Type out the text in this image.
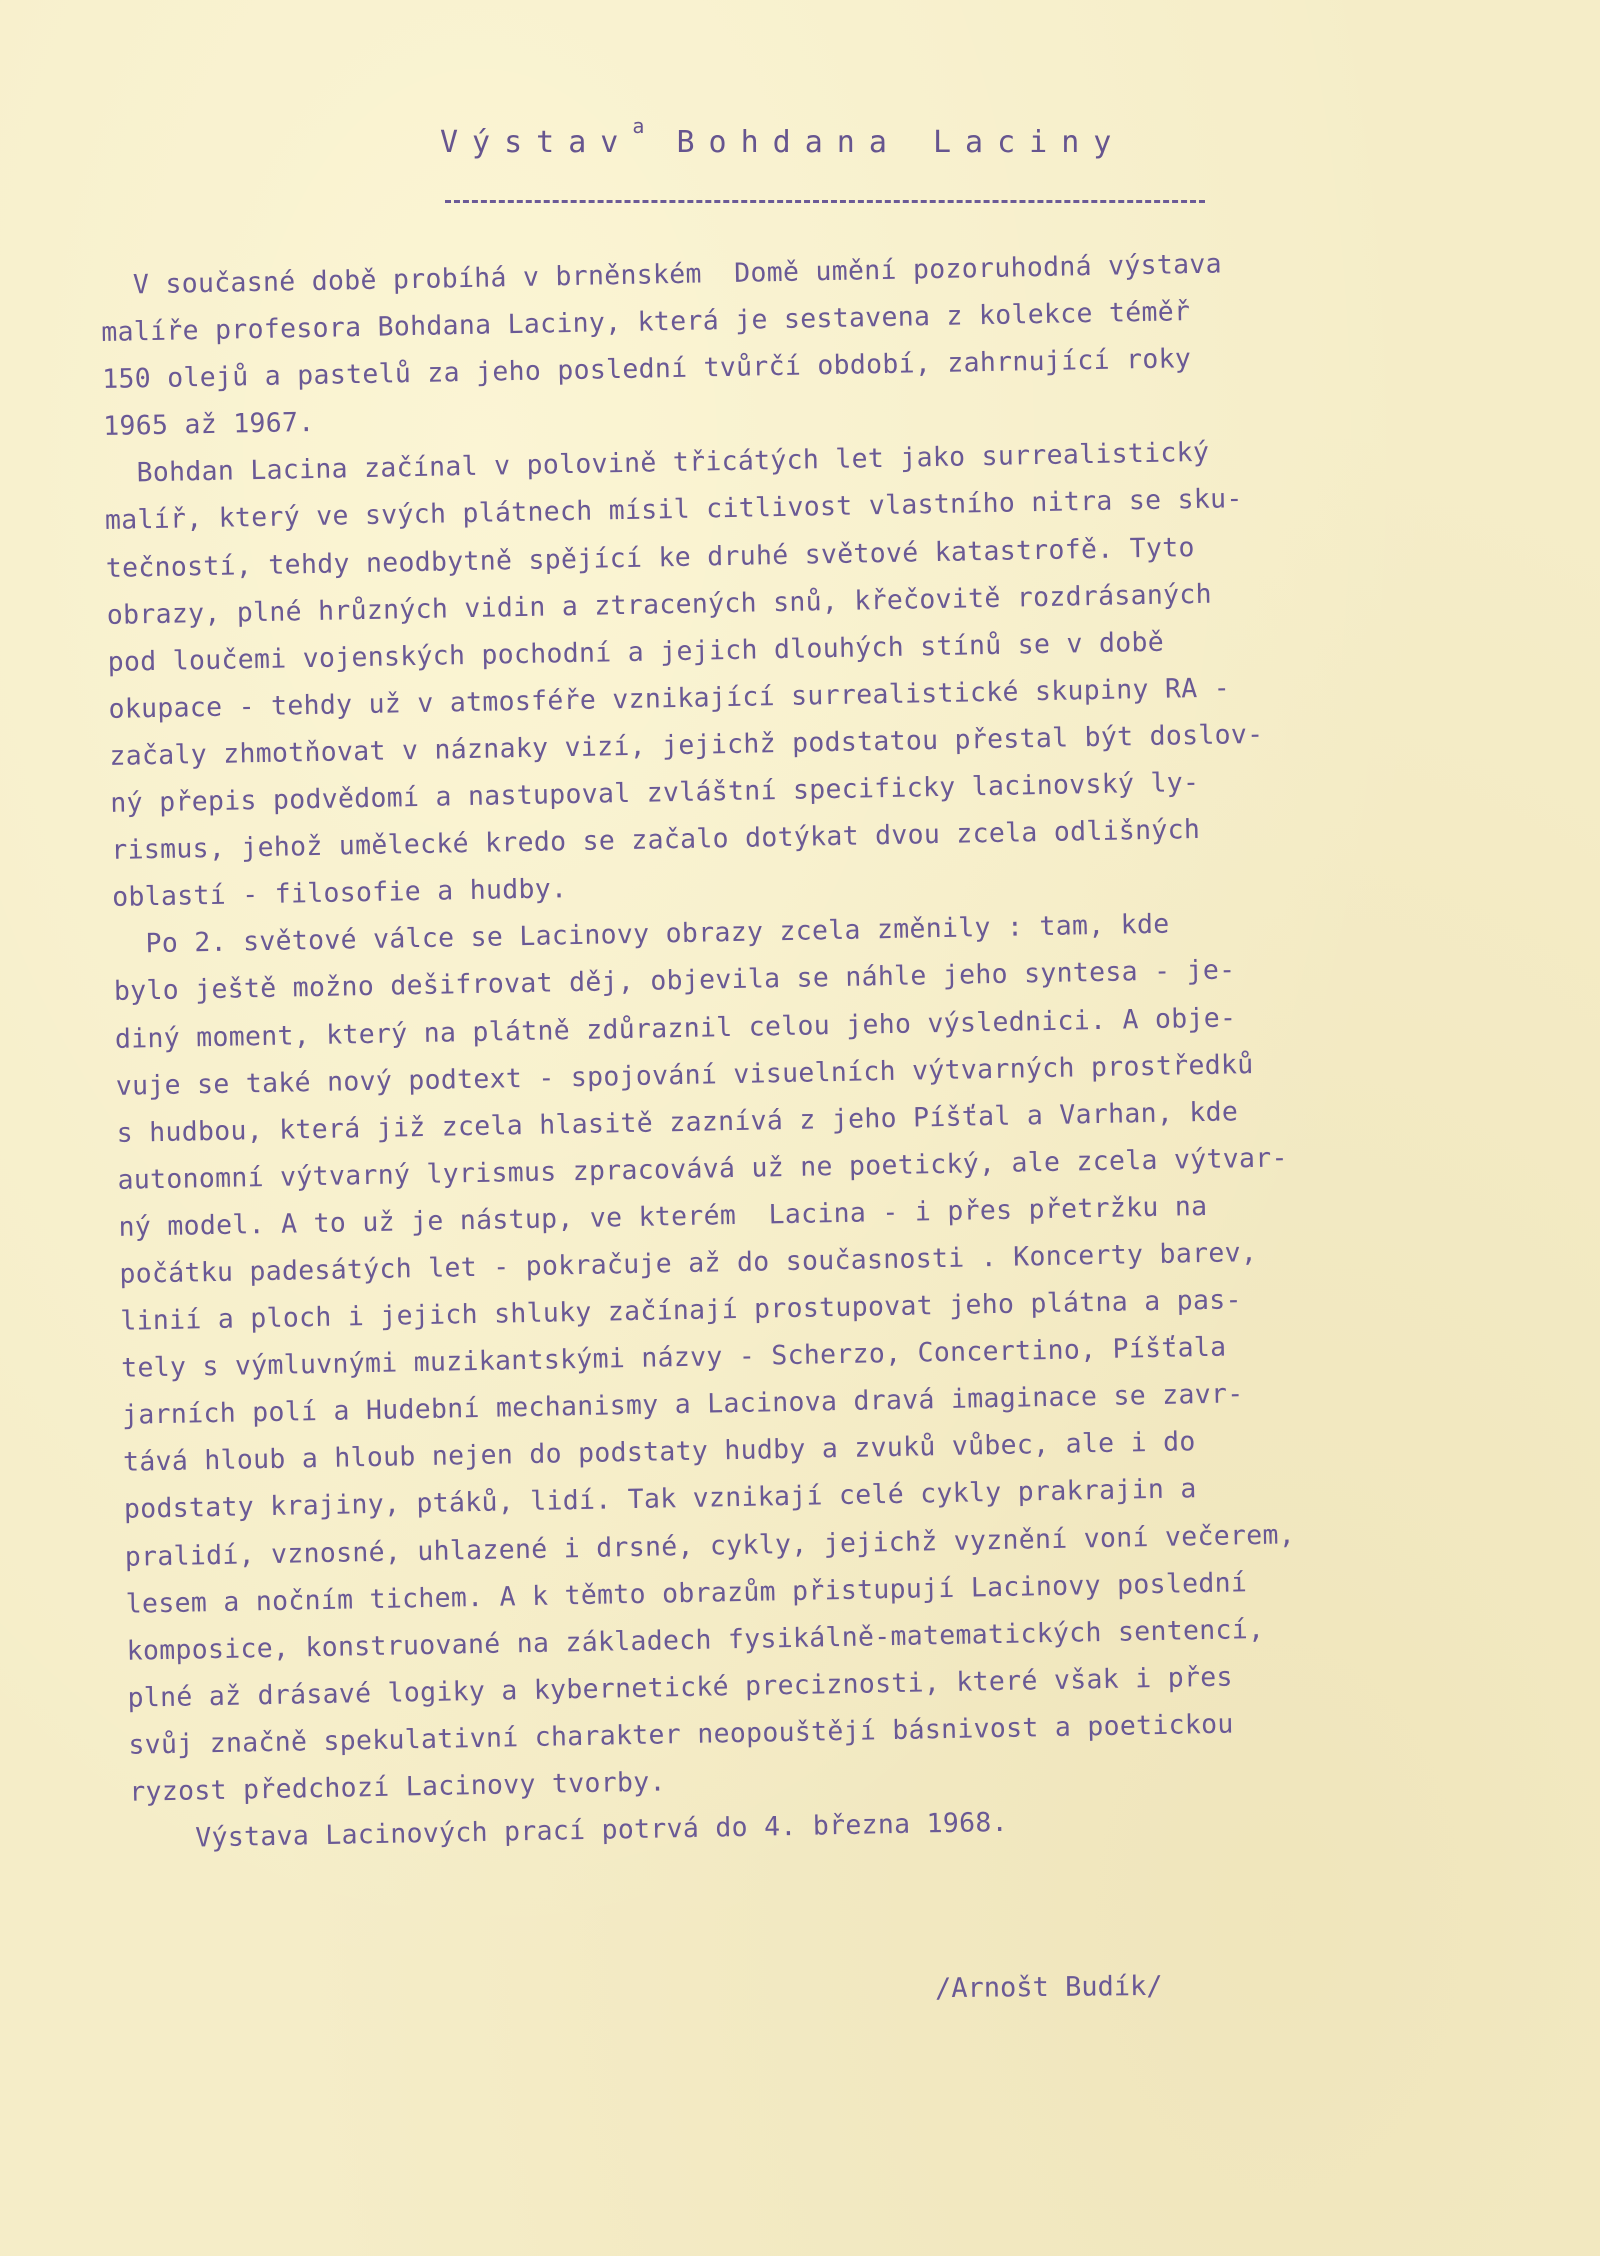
Výstav$^a$ Bohdana Laciny
V současné době probíhá v brněnském  Domě umění pozoruhodná výstava
malíře profesora Bohdana Laciny, která je sestavena z kolekce téměř
150 olejů a pastelů za jeho poslední tvůrčí období, zahrnující roky
1965 až 1967.
Bohdan Lacina začínal v polovině třicátých let jako surrealistický
malíř, který ve svých plátnech mísil citlivost vlastního nitra se sku-
tečností, tehdy neodbytně spějící ke druhé světové katastrofě. Tyto
obrazy, plné hrůzných vidin a ztracených snů, křečovitě rozdrásaných
pod loučemi vojenských pochodní a jejich dlouhých stínů se v době
okupace - tehdy už v atmosféře vznikající surrealistické skupiny RA -
začaly zhmotňovat v náznaky vizí, jejichž podstatou přestal být doslov-
ný přepis podvědomí a nastupoval zvláštní specificky lacinovský ly-
rismus, jehož umělecké kredo se začalo dotýkat dvou zcela odlišných
oblastí - filosofie a hudby.
Po 2. světové válce se Lacinovy obrazy zcela změnily : tam, kde
bylo ještě možno dešifrovat děj, objevila se náhle jeho syntesa - je-
diný moment, který na plátně zdůraznil celou jeho výslednici. A obje-
vuje se také nový podtext - spojování visuelních výtvarných prostředků
s hudbou, která již zcela hlasitě zaznívá z jeho Píšťal a Varhan, kde
autonomní výtvarný lyrismus zpracovává už ne poetický, ale zcela výtvar-
ný model. A to už je nástup, ve kterém  Lacina - i přes přetržku na
počátku padesátých let - pokračuje až do současnosti . Koncerty barev,
linií a ploch i jejich shluky začínají prostupovat jeho plátna a pas-
tely s výmluvnými muzikantskými názvy - Scherzo, Concertino, Píšťala
jarních polí a Hudební mechanismy a Lacinova dravá imaginace se zavr-
tává hloub a hloub nejen do podstaty hudby a zvuků vůbec, ale i do
podstaty krajiny, ptáků, lidí. Tak vznikají celé cykly prakrajin a
pralidí, vznosné, uhlazené i drsné, cykly, jejichž vyznění voní večerem,
lesem a nočním tichem. A k těmto obrazům přistupují Lacinovy poslední
komposice, konstruované na základech fysikálně-matematických sentencí,
plné až drásavé logiky a kybernetické preciznosti, které však i přes
svůj značně spekulativní charakter neopouštějí básnivost a poetickou
ryzost předchozí Lacinovy tvorby.
Výstava Lacinových prací potrvá do 4. března 1968.
/Arnošt Budík/
